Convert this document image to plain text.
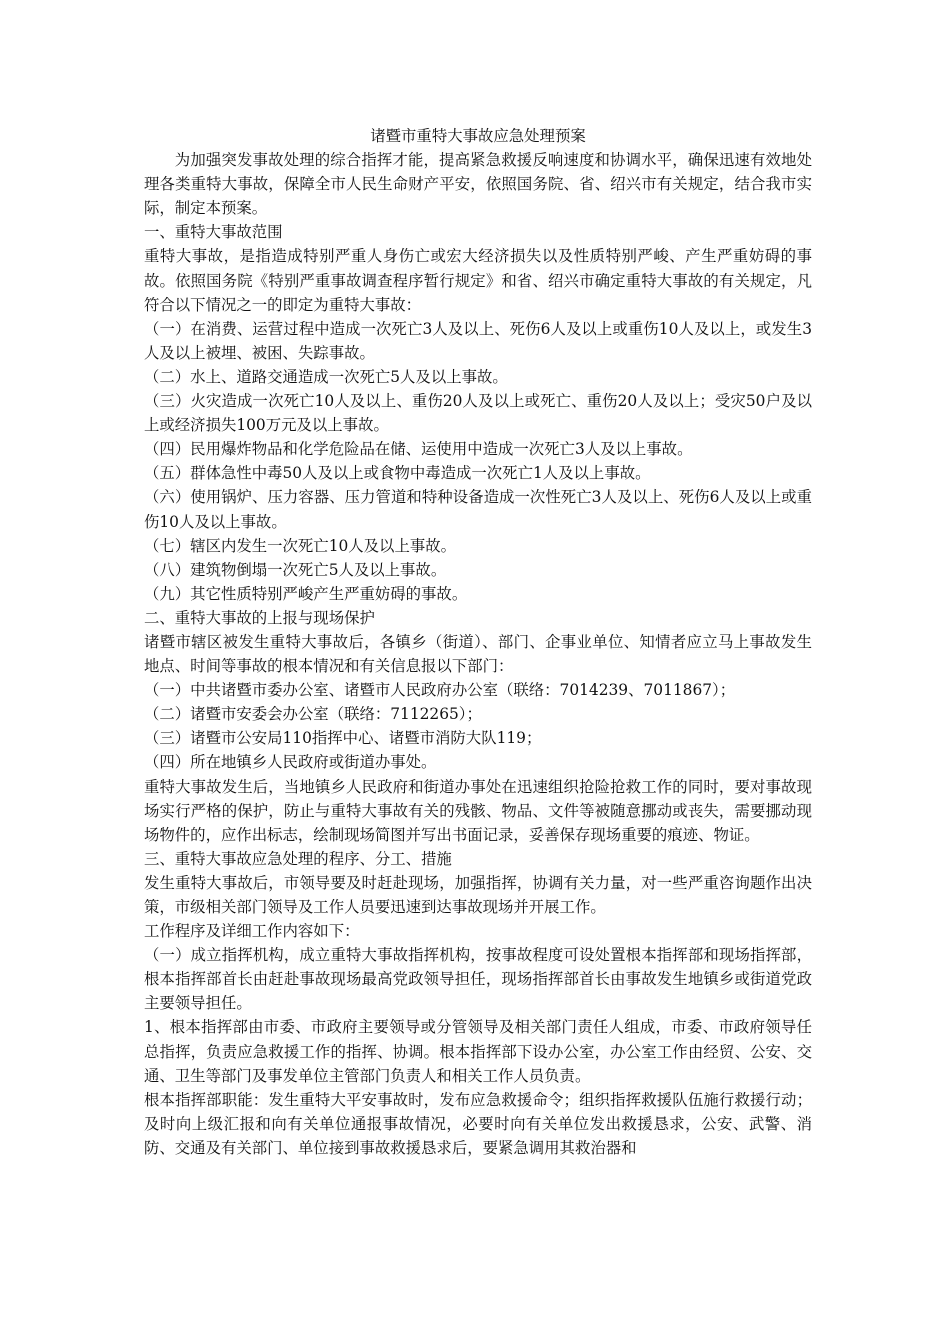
诸暨市重特大事故应急处理预案

为加强突发事故处理的综合指挥才能，提高紧急救援反响速度和协调水平，确保迅速有效地处理各类重特大事故，保障全市人民生命财产平安，依照国务院、省、绍兴市有关规定，结合我市实际，制定本预案。

一、重特大事故范围

重特大事故，是指造成特别严重人身伤亡或宏大经济损失以及性质特别严峻、产生严重妨碍的事故。依照国务院《特别严重事故调查程序暂行规定》和省、绍兴市确定重特大事故的有关规定，凡符合以下情况之一的即定为重特大事故：

（一）在消费、运营过程中造成一次死亡3人及以上、死伤6人及以上或重伤10人及以上，或发生3人及以上被埋、被困、失踪事故。

（二）水上、道路交通造成一次死亡5人及以上事故。

（三）火灾造成一次死亡10人及以上、重伤20人及以上或死亡、重伤20人及以上；受灾50户及以上或经济损失100万元及以上事故。

（四）民用爆炸物品和化学危险品在储、运使用中造成一次死亡3人及以上事故。

（五）群体急性中毒50人及以上或食物中毒造成一次死亡1人及以上事故。

（六）使用锅炉、压力容器、压力管道和特种设备造成一次性死亡3人及以上、死伤6人及以上或重伤10人及以上事故。

（七）辖区内发生一次死亡10人及以上事故。

（八）建筑物倒塌一次死亡5人及以上事故。

（九）其它性质特别严峻产生严重妨碍的事故。

二、重特大事故的上报与现场保护

诸暨市辖区被发生重特大事故后，各镇乡（街道）、部门、企事业单位、知情者应立马上事故发生地点、时间等事故的根本情况和有关信息报以下部门：

（一）中共诸暨市委办公室、诸暨市人民政府办公室（联络：7014239、7011867）；

（二）诸暨市安委会办公室（联络：7112265）；

（三）诸暨市公安局110指挥中心、诸暨市消防大队119；

（四）所在地镇乡人民政府或街道办事处。

重特大事故发生后，当地镇乡人民政府和街道办事处在迅速组织抢险抢救工作的同时，要对事故现场实行严格的保护，防止与重特大事故有关的残骸、物品、文件等被随意挪动或丧失，需要挪动现场物件的，应作出标志，绘制现场简图并写出书面记录，妥善保存现场重要的痕迹、物证。

三、重特大事故应急处理的程序、分工、措施

发生重特大事故后，市领导要及时赶赴现场，加强指挥，协调有关力量，对一些严重咨询题作出决策，市级相关部门领导及工作人员要迅速到达事故现场并开展工作。

工作程序及详细工作内容如下：

（一）成立指挥机构，成立重特大事故指挥机构，按事故程度可设处置根本指挥部和现场指挥部，根本指挥部首长由赶赴事故现场最高党政领导担任，现场指挥部首长由事故发生地镇乡或街道党政主要领导担任。

1、根本指挥部由市委、市政府主要领导或分管领导及相关部门责任人组成，市委、市政府领导任总指挥，负责应急救援工作的指挥、协调。根本指挥部下设办公室，办公室工作由经贸、公安、交通、卫生等部门及事发单位主管部门负责人和相关工作人员负责。

根本指挥部职能：发生重特大平安事故时，发布应急救援命令；组织指挥救援队伍施行救援行动；及时向上级汇报和向有关单位通报事故情况，必要时向有关单位发出救援恳求，公安、武警、消防、交通及有关部门、单位接到事故救援恳求后，要紧急调用其救治器和
